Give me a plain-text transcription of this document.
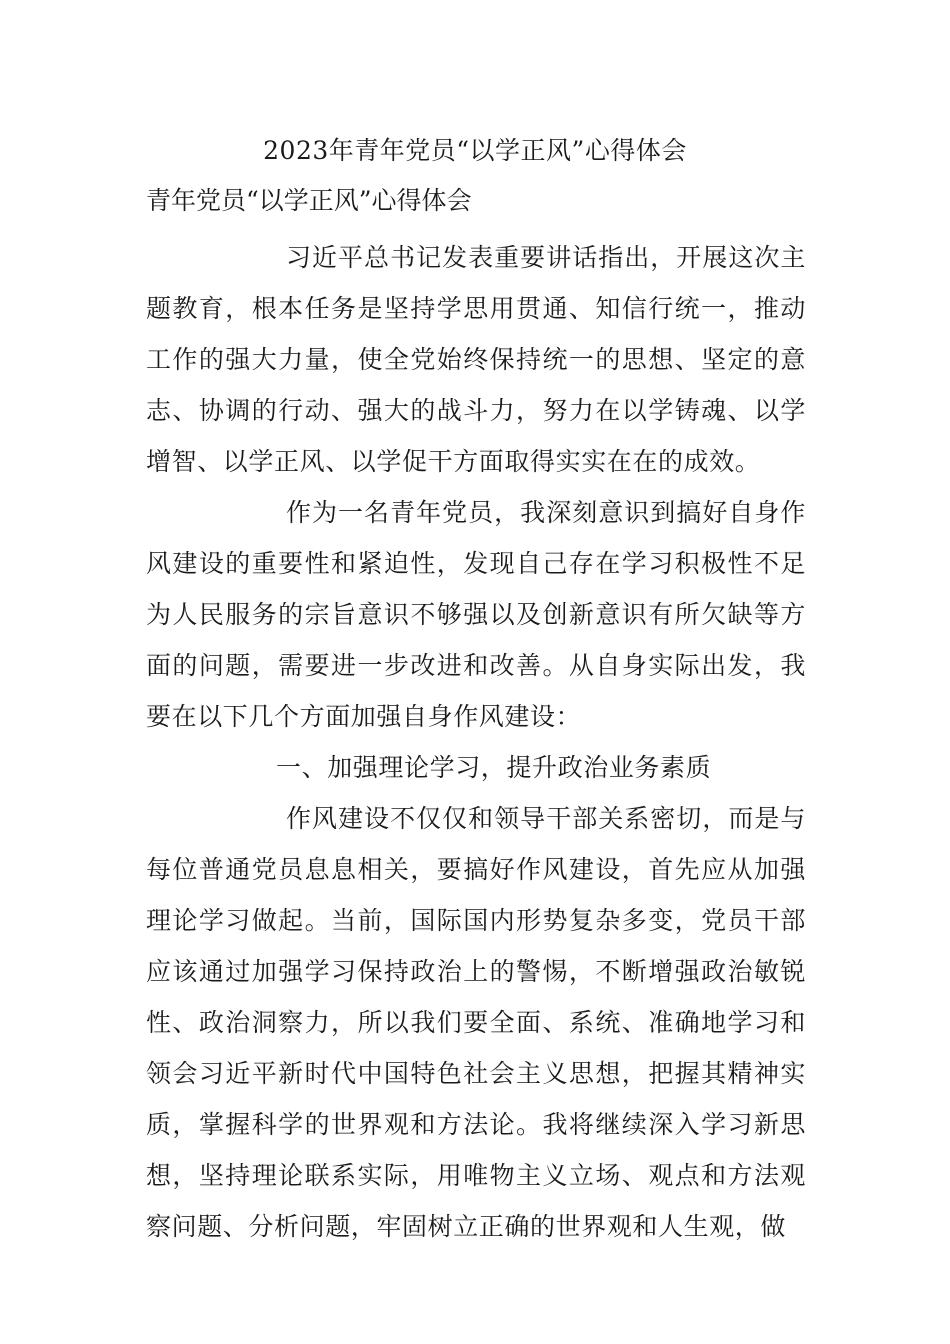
2023年青年党员“以学正风”心得体会

青年党员“以学正风”心得体会

习近平总书记发表重要讲话指出，开展这次主题教育，根本任务是坚持学思用贯通、知信行统一，推动工作的强大力量，使全党始终保持统一的思想、坚定的意志、协调的行动、强大的战斗力，努力在以学铸魂、以学增智、以学正风、以学促干方面取得实实在在的成效。

作为一名青年党员，我深刻意识到搞好自身作风建设的重要性和紧迫性，发现自己存在学习积极性不足为人民服务的宗旨意识不够强以及创新意识有所欠缺等方面的问题，需要进一步改进和改善。从自身实际出发，我要在以下几个方面加强自身作风建设：

一、加强理论学习，提升政治业务素质

作风建设不仅仅和领导干部关系密切，而是与每位普通党员息息相关，要搞好作风建设，首先应从加强理论学习做起。当前，国际国内形势复杂多变，党员干部应该通过加强学习保持政治上的警惕，不断增强政治敏锐性、政治洞察力，所以我们要全面、系统、准确地学习和领会习近平新时代中国特色社会主义思想，把握其精神实质，掌握科学的世界观和方法论。我将继续深入学习新思想，坚持理论联系实际，用唯物主义立场、观点和方法观察问题、分析问题，牢固树立正确的世界观和人生观，做
